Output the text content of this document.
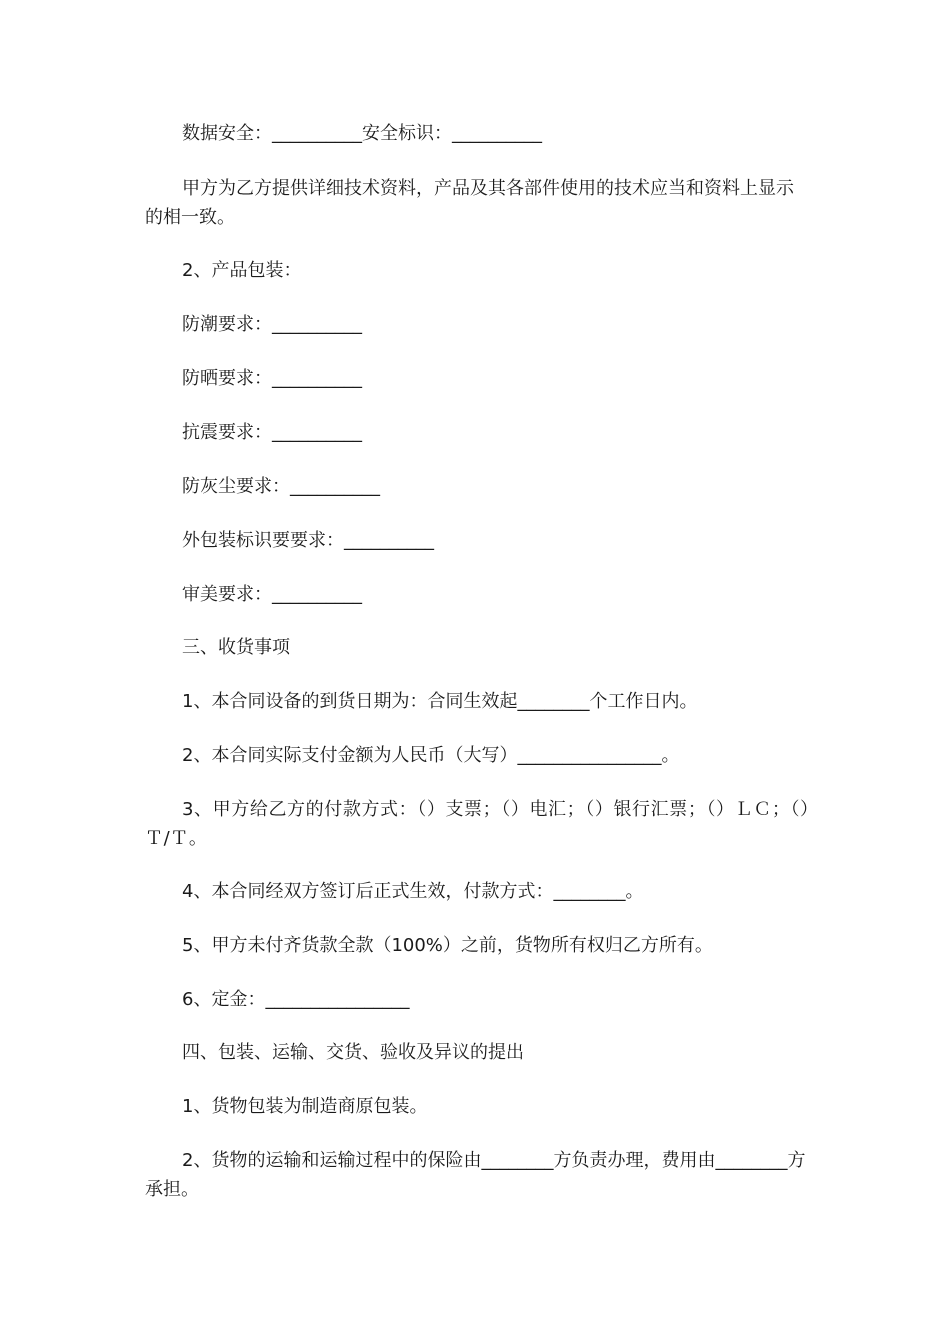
数据安全：__________安全标识：__________

甲方为乙方提供详细技术资料，产品及其各部件使用的技术应当和资料上显示的相一致。

2、产品包装：

防潮要求：__________

防晒要求：__________

抗震要求：__________

防灰尘要求：__________

外包装标识要要求：__________

审美要求：__________

三、收货事项

1、本合同设备的到货日期为：合同生效起________个工作日内。

2、本合同实际支付金额为人民币（大写）________________。

3、甲方给乙方的付款方式：（）支票；（）电汇；（）银行汇票；（）ＬＣ；（）Ｔ/Ｔ。

4、本合同经双方签订后正式生效，付款方式：________。

5、甲方未付齐货款全款（100%）之前，货物所有权归乙方所有。

6、定金：________________

四、包装、运输、交货、验收及异议的提出

1、货物包装为制造商原包装。

2、货物的运输和运输过程中的保险由________方负责办理，费用由________方承担。
